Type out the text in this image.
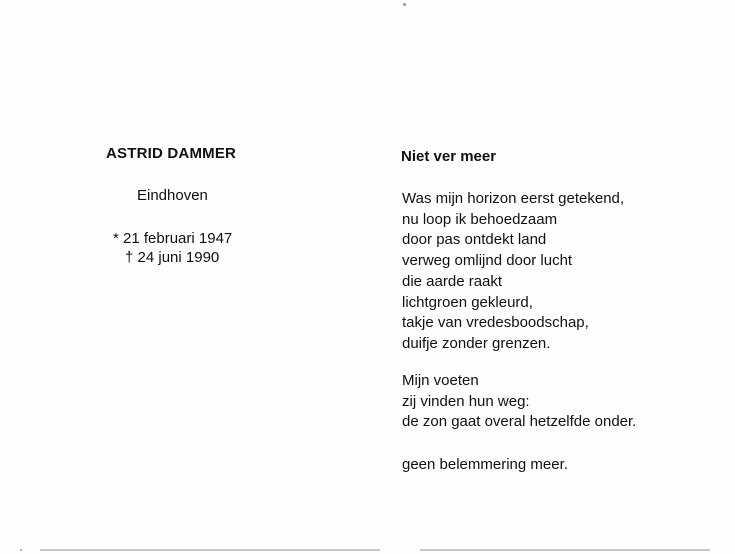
ASTRID DAMMER
Eindhoven
* 21 februari 1947
† 24 juni 1990
Niet ver meer
Was mijn horizon eerst getekend,
nu loop ik behoedzaam
door pas ontdekt land
verweg omlijnd door lucht
die aarde raakt
lichtgroen gekleurd,
takje van vredesboodschap,
duifje zonder grenzen.
Mijn voeten
zij vinden hun weg:
de zon gaat overal hetzelfde onder.
geen belemmering meer.
